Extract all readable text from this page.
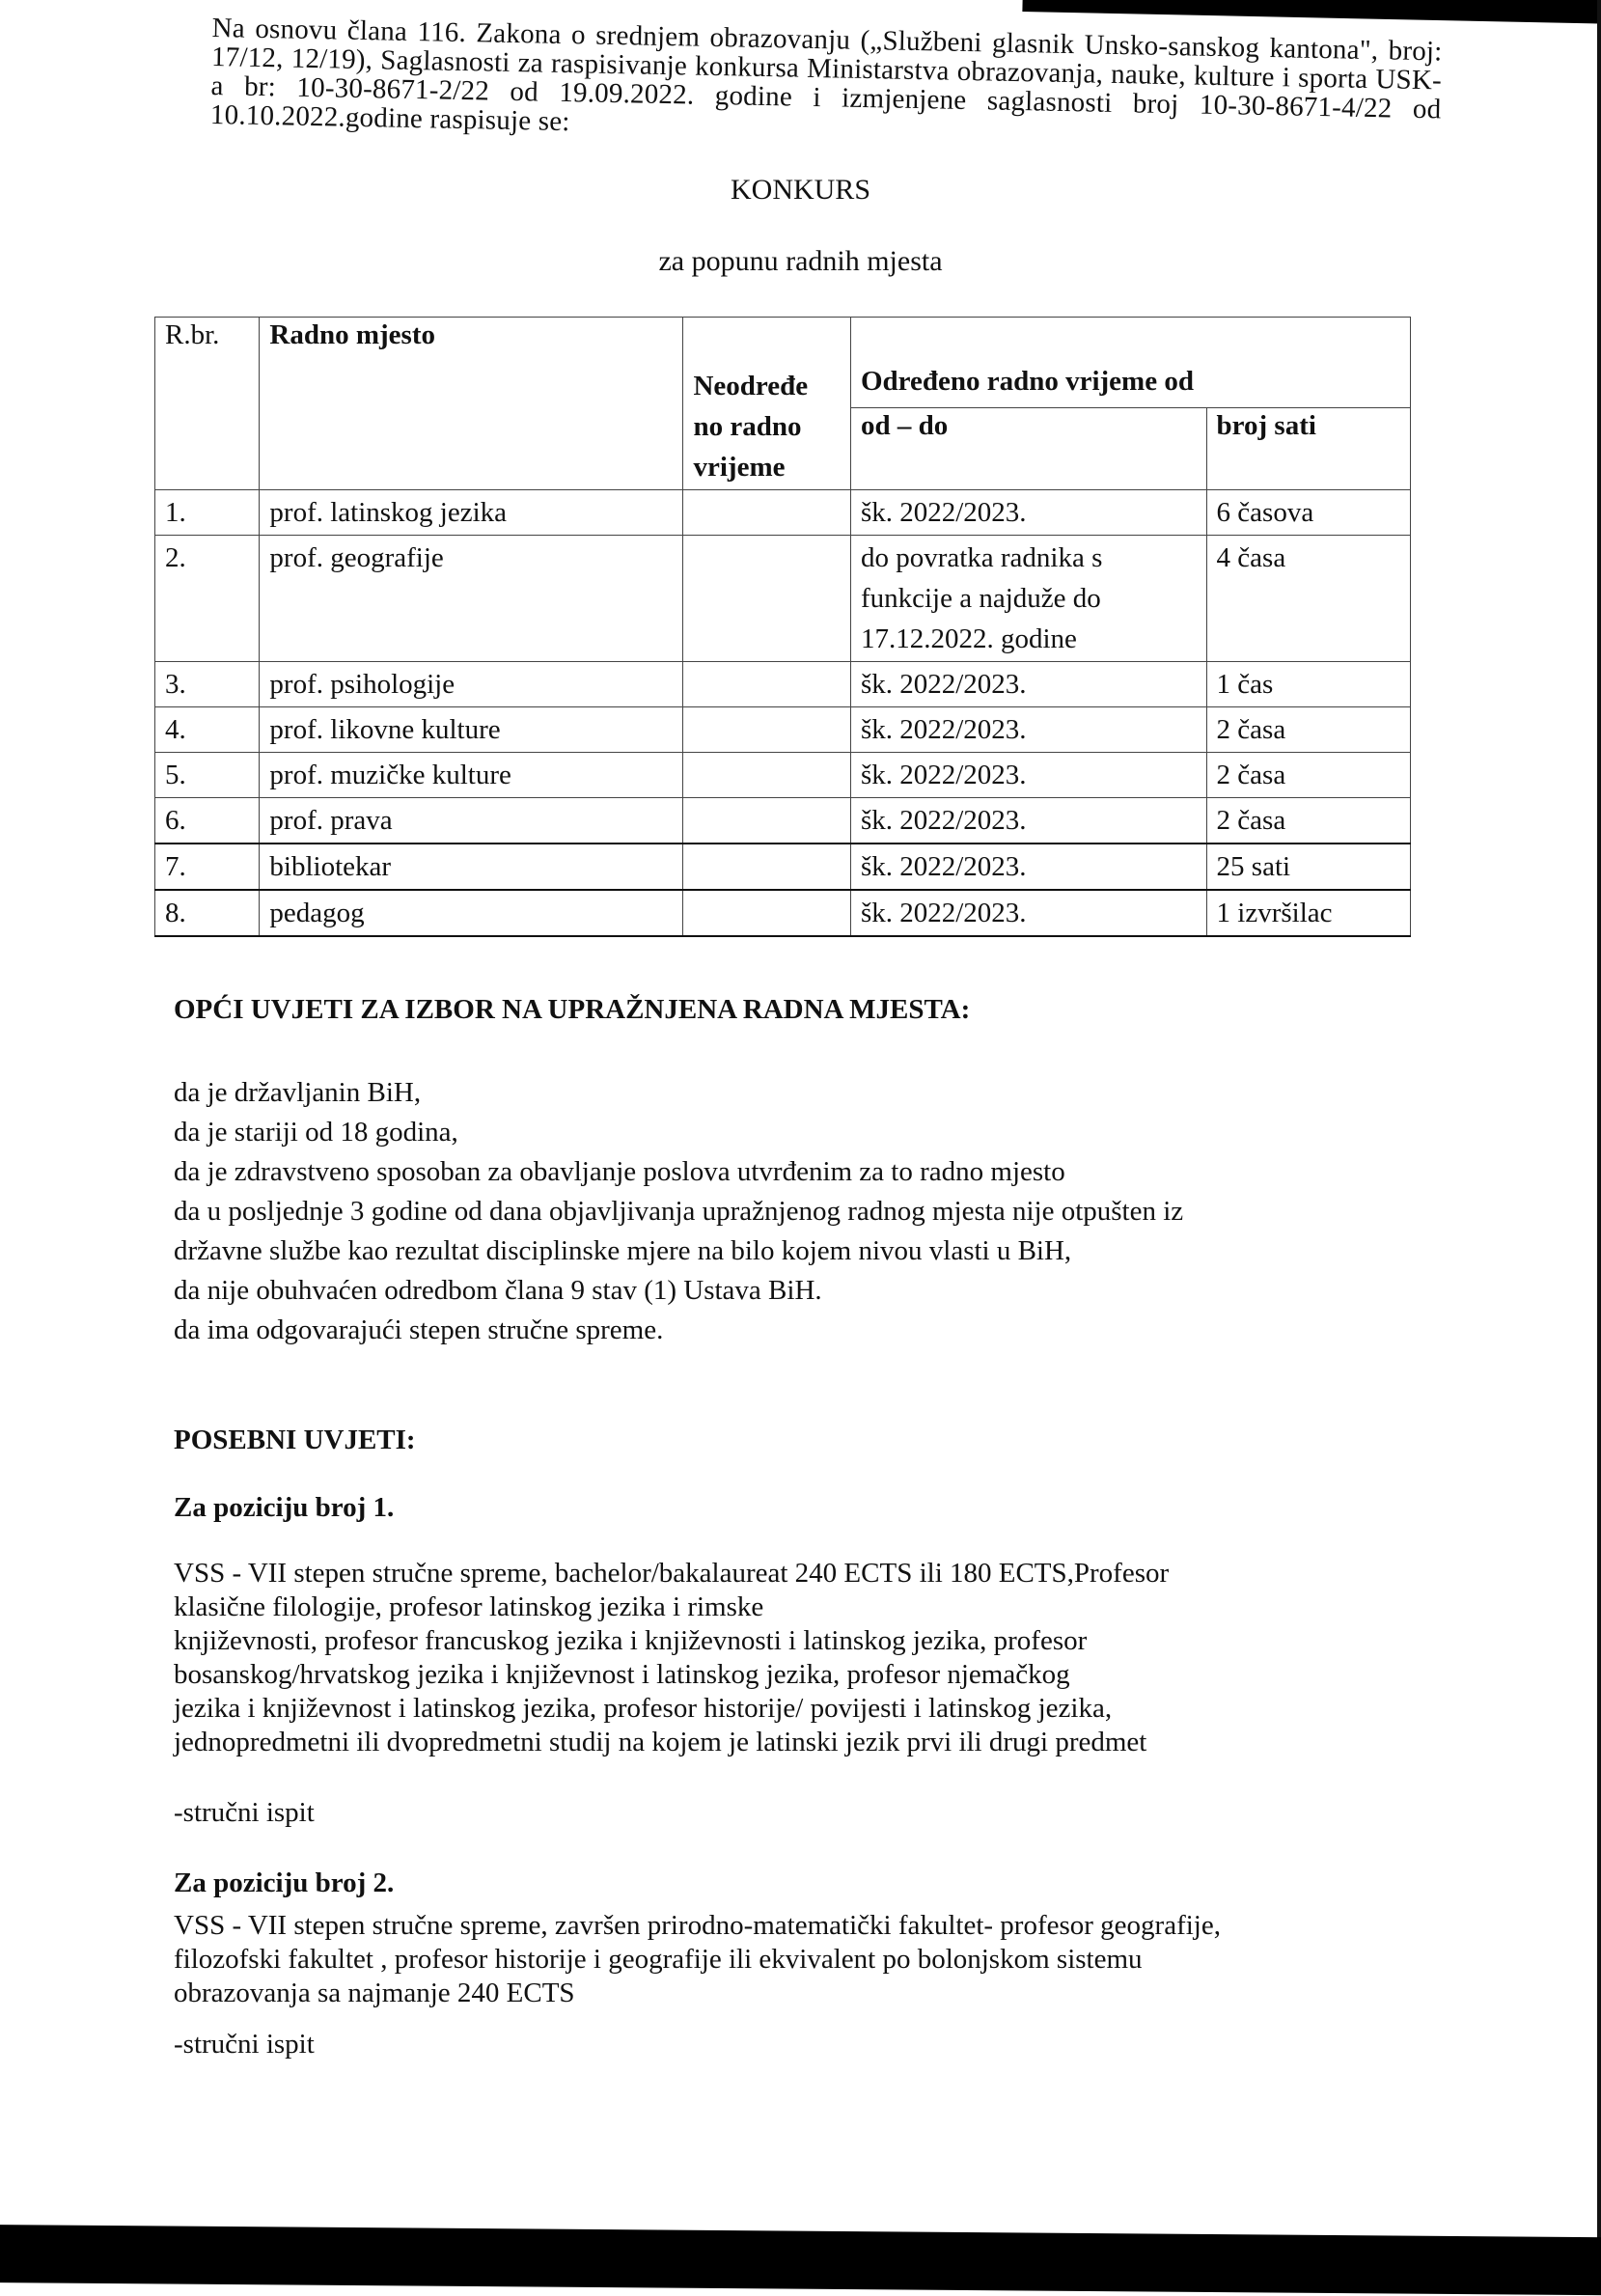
Na osnovu člana 116. Zakona o srednjem obrazovanju („Službeni glasnik Unsko-sanskog kantona", broj: 17/12, 12/19), Saglasnosti za raspisivanje konkursa Ministarstva obrazovanja, nauke, kulture i sporta USK-a br: 10-30-8671-2/22 od 19.09.2022. godine i izmjenjene saglasnosti broj 10-30-8671-4/22 od 10.10.2022.godine raspisuje se:

KONKURS
za popunu radnih mjesta
R.br.	Radno mjesto	Neodređe no radno vrijeme	Određeno radno vrijeme od	
			od – do	broj sati
1.	prof. latinskog jezika		šk. 2022/2023.	6 časova
2.	prof. geografije		do povratka radnika s funkcije a najduže do 17.12.2022. godine	4 časa
3.	prof. psihologije		šk. 2022/2023.	1 čas
4.	prof. likovne kulture		šk. 2022/2023.	2 časa
5.	prof. muzičke kulture		šk. 2022/2023.	2 časa
6.	prof. prava		šk. 2022/2023.	2 časa
7.	bibliotekar		šk. 2022/2023.	25 sati
8.	pedagog		šk. 2022/2023.	1 izvršilac
OPĆI UVJETI ZA IZBOR NA UPRAŽNJENA RADNA MJESTA:

da je državljanin BiH,

da je stariji od 18 godina,

da je zdravstveno sposoban za obavljanje poslova utvrđenim za to radno mjesto

da u posljednje 3 godine od dana objavljivanja upražnjenog radnog mjesta nije otpušten iz

državne službe kao rezultat disciplinske mjere na bilo kojem nivou vlasti u BiH,

da nije obuhvaćen odredbom člana 9 stav (1) Ustava BiH.

da ima odgovarajući stepen stručne spreme.

POSEBNI UVJETI:
Za poziciju broj 1.

VSS - VII stepen stručne spreme, bachelor/bakalaureat 240 ECTS ili 180 ECTS,Profesor

klasične filologije, profesor latinskog jezika i rimske

književnosti, profesor francuskog jezika i književnosti i latinskog jezika, profesor

bosanskog/hrvatskog jezika i književnost i latinskog jezika, profesor njemačkog

jezika i književnost i latinskog jezika, profesor historije/ povijesti i latinskog jezika,

jednopredmetni ili dvopredmetni studij na kojem je latinski jezik prvi ili drugi predmet

-stručni ispit
Za poziciju broj 2.

VSS - VII stepen stručne spreme, završen prirodno-matematički fakultet- profesor geografije,

filozofski fakultet , profesor historije i geografije ili ekvivalent po bolonjskom sistemu

obrazovanja sa najmanje 240 ECTS

-stručni ispit
